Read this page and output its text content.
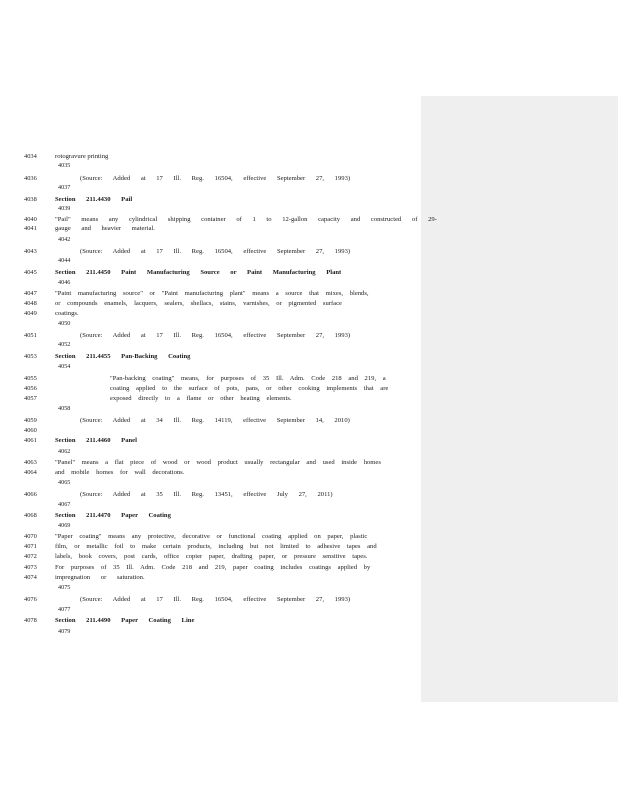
4034	rotogravure printing
4035
4036	(Source: Added at 17 Ill. Reg. 16504, effective September 27, 1993)
4037
4038	Section 211.4430 Pail
4039
4040	"Pail" means any cylindrical shipping container of 1 to 12-gallon capacity and constructed of 29-
4041	gauge and heavier material.
4042
4043	(Source: Added at 17 Ill. Reg. 16504, effective September 27, 1993)
4044
4045	Section 211.4450 Paint Manufacturing Source or Paint Manufacturing Plant
4046
4047	"Paint manufacturing source" or "Paint manufacturing plant" means a source that mixes, blends,
4048	or compounds enamels, lacquers, sealers, shellacs, stains, varnishes, or pigmented surface
4049	coatings.
4050
4051	(Source: Added at 17 Ill. Reg. 16504, effective September 27, 1993)
4052
4053	Section 211.4455 Pan-Backing Coating
4054
4055	"Pan-backing coating" means, for purposes of 35 Ill. Adm. Code 218 and 219, a
4056	coating applied to the surface of pots, pans, or other cooking implements that are
4057	exposed directly to a flame or other heating elements.
4058
4059	(Source: Added at 34 Ill. Reg. 14119, effective September 14, 2010)
4060
4061	Section 211.4460 Panel
4062
4063	"Panel" means a flat piece of wood or wood product usually rectangular and used inside homes
4064	and mobile homes for wall decorations.
4065
4066	(Source: Added at 35 Ill. Reg. 13451, effective July 27, 2011)
4067
4068	Section 211.4470 Paper Coating
4069
4070	"Paper coating" means any protective, decorative or functional coating applied on paper, plastic
4071	film, or metallic foil to make certain products, including but not limited to adhesive tapes and
4072	labels, book covers, post cards, office copier paper, drafting paper, or pressure sensitive tapes.
4073	For purposes of 35 Ill. Adm. Code 218 and 219, paper coating includes coatings applied by
4074	impregnation or saturation.
4075
4076	(Source: Added at 17 Ill. Reg. 16504, effective September 27, 1993)
4077
4078	Section 211.4490 Paper Coating Line
4079
